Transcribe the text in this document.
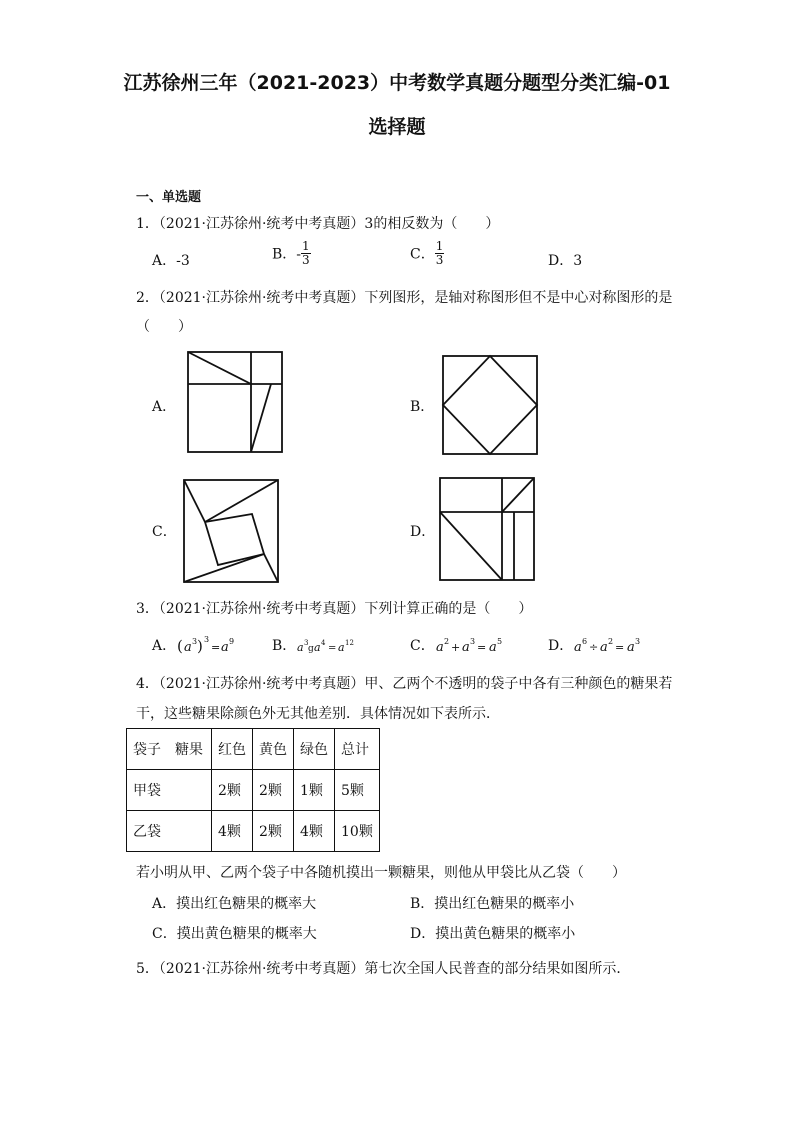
江苏徐州三年（2021-2023）中考数学真题分题型分类汇编-01
选择题
一、单选题
1．（2021·江苏徐州·统考中考真题）3的相反数为（　　）
A．-3	B．- $\frac{1}{3}$	C． $\frac{1}{3}$	D．3
2．（2021·江苏徐州·统考中考真题）下列图形，是轴对称图形但不是中心对称图形的是
（　　）
A．	B．
C．	D．
3．（2021·江苏徐州·统考中考真题）下列计算正确的是（　　）
A． ( a 3 ) 3
= a 9	B． a 3
g a 4 = a 12	C． a 2 + a 3 = a 5	D． a 6 ÷ a 2 = a 3
4．（2021·江苏徐州·统考中考真题）甲、乙两个不透明的袋子中各有三种颜色的糖果若
干，这些糖果除颜色外无其他差别．具体情况如下表所示．
袋子　糖果	红色	黄色	绿色	总计
甲袋	2颗	2颗	1颗	5颗
乙袋	4颗	2颗	4颗	10颗
若小明从甲、乙两个袋子中各随机摸出一颗糖果，则他从甲袋比从乙袋（　　）
A．摸出红色糖果的概率大	B．摸出红色糖果的概率小
C．摸出黄色糖果的概率大	D．摸出黄色糖果的概率小
5．（2021·江苏徐州·统考中考真题）第七次全国人民普查的部分结果如图所示．
